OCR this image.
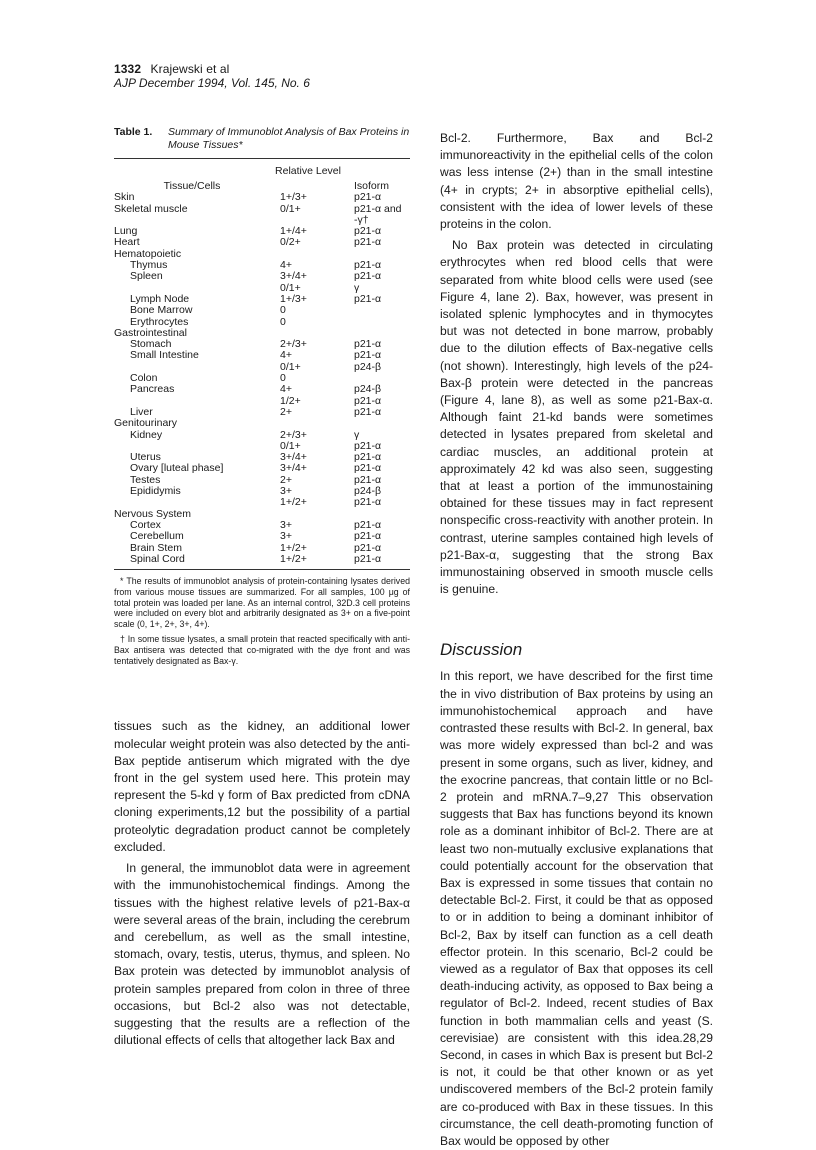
1332 Krajewski et al
AJP December 1994, Vol. 145, No. 6
Table 1.	Summary of Immunoblot Analysis of Bax Proteins in Mouse Tissues*
Tissue/Cells	Relative Level	Isoform
Skin	1+/3+	p21-α
Skeletal muscle	0/1+	p21-α and -γ†
Lung	1+/4+	p21-α
Heart	0/2+	p21-α
Hematopoietic		
Thymus	4+	p21-α
Spleen	3+/4+	p21-α
	0/1+	γ
Lymph Node	1+/3+	p21-α
Bone Marrow	0	
Erythrocytes	0	
Gastrointestinal		
Stomach	2+/3+	p21-α
Small Intestine	4+	p21-α
	0/1+	p24-β
Colon	0	
Pancreas	4+	p24-β
	1/2+	p21-α
Liver	2+	p21-α
Genitourinary		
Kidney	2+/3+	γ
	0/1+	p21-α
Uterus	3+/4+	p21-α
Ovary [luteal phase]	3+/4+	p21-α
Testes	2+	p21-α
Epididymis	3+	p24-β
	1+/2+	p21-α
Nervous System		
Cortex	3+	p21-α
Cerebellum	3+	p21-α
Brain Stem	1+/2+	p21-α
Spinal Cord	1+/2+	p21-α

* The results of immunoblot analysis of protein-containing lysates derived from various mouse tissues are summarized. For all samples, 100 μg of total protein was loaded per lane. As an internal control, 32D.3 cell proteins were included on every blot and arbitrarily designated as 3+ on a five-point scale (0, 1+, 2+, 3+, 4+).

† In some tissue lysates, a small protein that reacted specifically with anti-Bax antisera was detected that co-migrated with the dye front and was tentatively designated as Bax-γ.

tissues such as the kidney, an additional lower molecular weight protein was also detected by the anti-Bax peptide antiserum which migrated with the dye front in the gel system used here. This protein may represent the 5-kd γ form of Bax predicted from cDNA cloning experiments,12 but the possibility of a partial proteolytic degradation product cannot be completely excluded.

In general, the immunoblot data were in agreement with the immunohistochemical findings. Among the tissues with the highest relative levels of p21-Bax-α were several areas of the brain, including the cerebrum and cerebellum, as well as the small intestine, stomach, ovary, testis, uterus, thymus, and spleen. No Bax protein was detected by immunoblot analysis of protein samples prepared from colon in three of three occasions, but Bcl-2 also was not detectable, suggesting that the results are a reflection of the dilutional effects of cells that altogether lack Bax and

Bcl-2. Furthermore, Bax and Bcl-2 immunoreactivity in the epithelial cells of the colon was less intense (2+) than in the small intestine (4+ in crypts; 2+ in absorptive epithelial cells), consistent with the idea of lower levels of these proteins in the colon.

No Bax protein was detected in circulating erythrocytes when red blood cells that were separated from white blood cells were used (see Figure 4, lane 2). Bax, however, was present in isolated splenic lymphocytes and in thymocytes but was not detected in bone marrow, probably due to the dilution effects of Bax-negative cells (not shown). Interestingly, high levels of the p24-Bax-β protein were detected in the pancreas (Figure 4, lane 8), as well as some p21-Bax-α. Although faint 21-kd bands were sometimes detected in lysates prepared from skeletal and cardiac muscles, an additional protein at approximately 42 kd was also seen, suggesting that at least a portion of the immunostaining obtained for these tissues may in fact represent nonspecific cross-reactivity with another protein. In contrast, uterine samples contained high levels of p21-Bax-α, suggesting that the strong Bax immunostaining observed in smooth muscle cells is genuine.

Discussion

In this report, we have described for the first time the in vivo distribution of Bax proteins by using an immunohistochemical approach and have contrasted these results with Bcl-2. In general, bax was more widely expressed than bcl-2 and was present in some organs, such as liver, kidney, and the exocrine pancreas, that contain little or no Bcl-2 protein and mRNA.7–9,27 This observation suggests that Bax has functions beyond its known role as a dominant inhibitor of Bcl-2. There are at least two non-mutually exclusive explanations that could potentially account for the observation that Bax is expressed in some tissues that contain no detectable Bcl-2. First, it could be that as opposed to or in addition to being a dominant inhibitor of Bcl-2, Bax by itself can function as a cell death effector protein. In this scenario, Bcl-2 could be viewed as a regulator of Bax that opposes its cell death-inducing activity, as opposed to Bax being a regulator of Bcl-2. Indeed, recent studies of Bax function in both mammalian cells and yeast (S. cerevisiae) are consistent with this idea.28,29 Second, in cases in which Bax is present but Bcl-2 is not, it could be that other known or as yet undiscovered members of the Bcl-2 protein family are co-produced with Bax in these tissues. In this circumstance, the cell death-promoting function of Bax would be opposed by other
